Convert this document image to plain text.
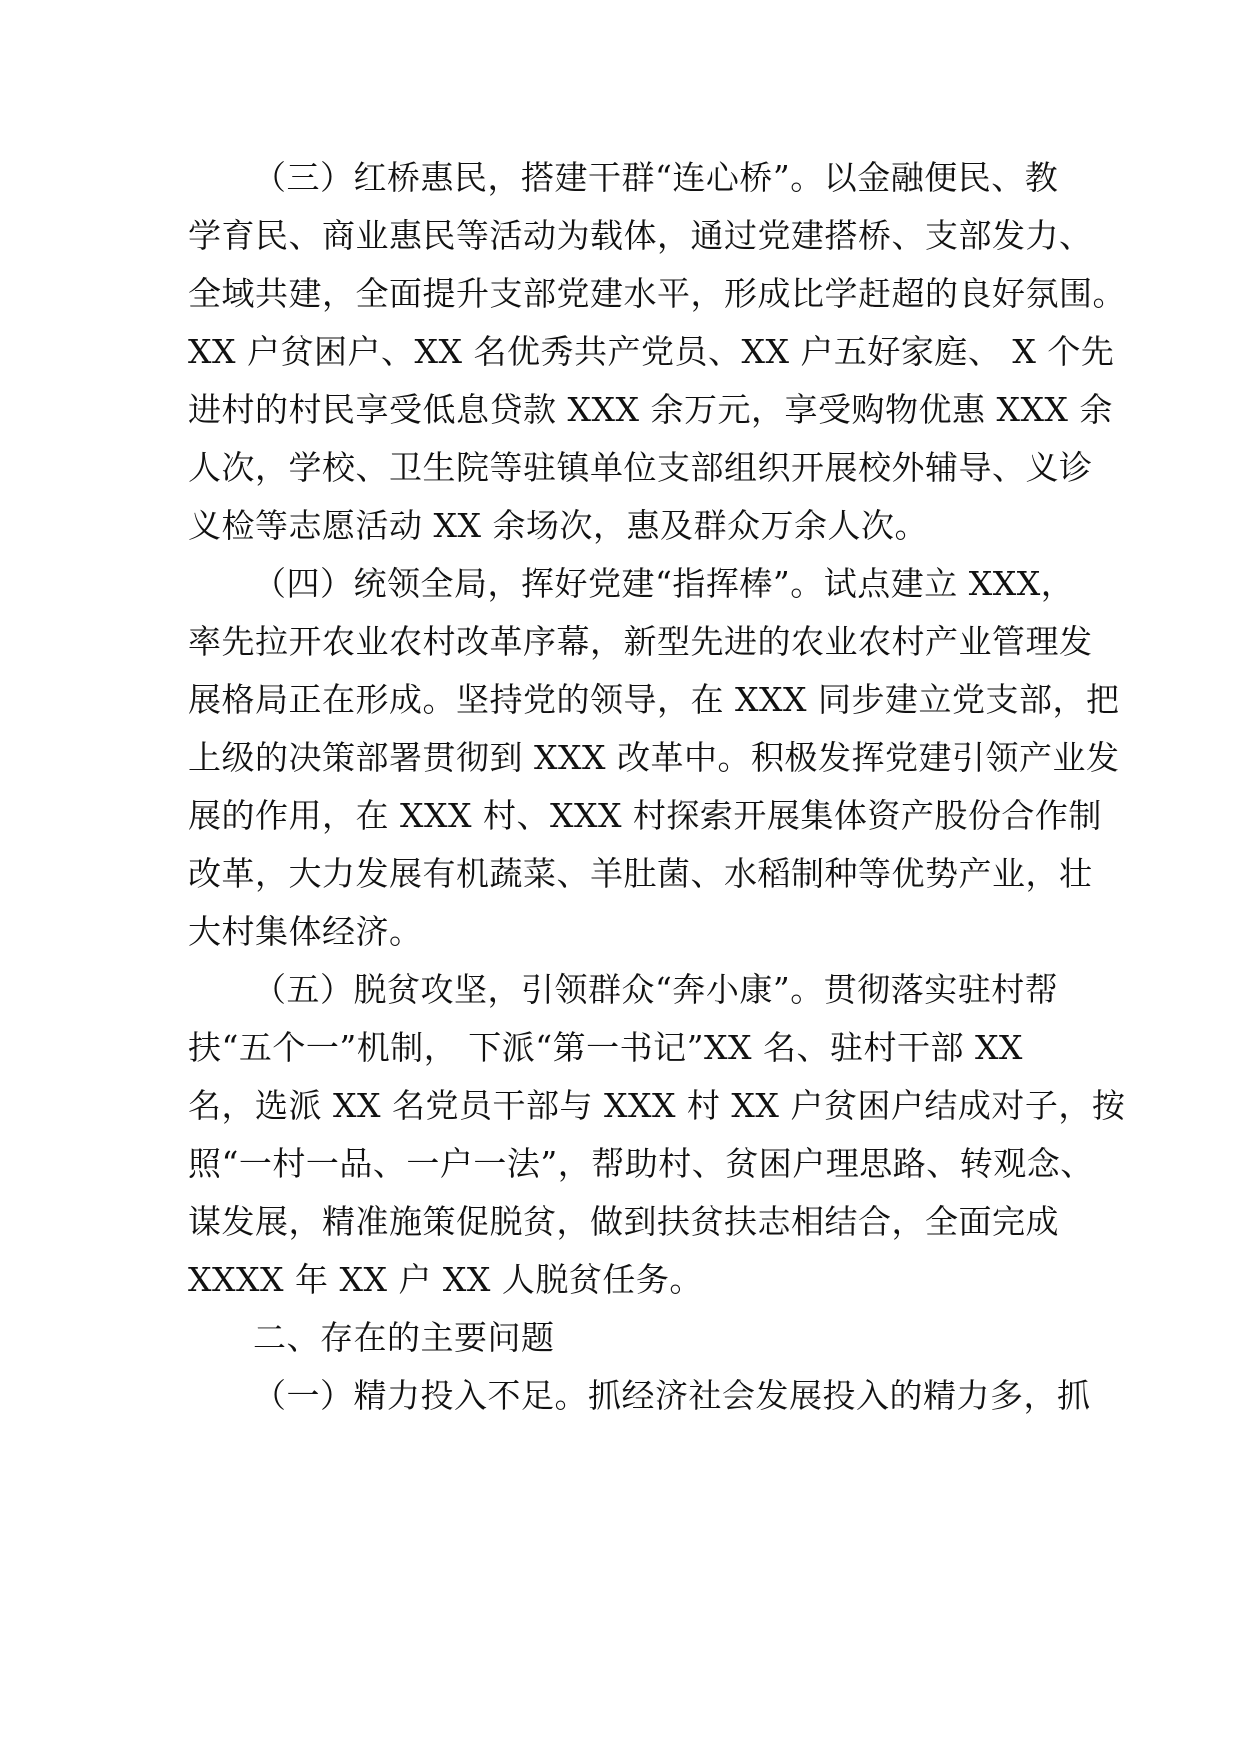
（三）红桥惠民，搭建干群“连心桥”。以金融便民、教
学育民、商业惠民等活动为载体，通过党建搭桥、支部发力、
全域共建，全面提升支部党建水平，形成比学赶超的良好氛围。
XX 户贫困户、XX 名优秀共产党员、XX 户五好家庭、 X 个先
进村的村民享受低息贷款 XXX 余万元，享受购物优惠 XXX 余
人次，学校、卫生院等驻镇单位支部组织开展校外辅导、义诊
义检等志愿活动 XX 余场次，惠及群众万余人次。
（四）统领全局，挥好党建“指挥棒”。试点建立 XXX，
率先拉开农业农村改革序幕，新型先进的农业农村产业管理发
展格局正在形成。坚持党的领导，在 XXX 同步建立党支部，把
上级的决策部署贯彻到 XXX 改革中。积极发挥党建引领产业发
展的作用，在 XXX 村、XXX 村探索开展集体资产股份合作制
改革，大力发展有机蔬菜、羊肚菌、水稻制种等优势产业，壮
大村集体经济。
（五）脱贫攻坚，引领群众“奔小康”。贯彻落实驻村帮
扶“五个一”机制， 下派“第一书记”XX 名、驻村干部 XX
名，选派 XX 名党员干部与 XXX 村 XX 户贫困户结成对子，按
照“一村一品、一户一法”，帮助村、贫困户理思路、转观念、
谋发展，精准施策促脱贫，做到扶贫扶志相结合，全面完成
XXXX 年 XX 户 XX 人脱贫任务。
二、存在的主要问题
（一）精力投入不足。抓经济社会发展投入的精力多，抓
